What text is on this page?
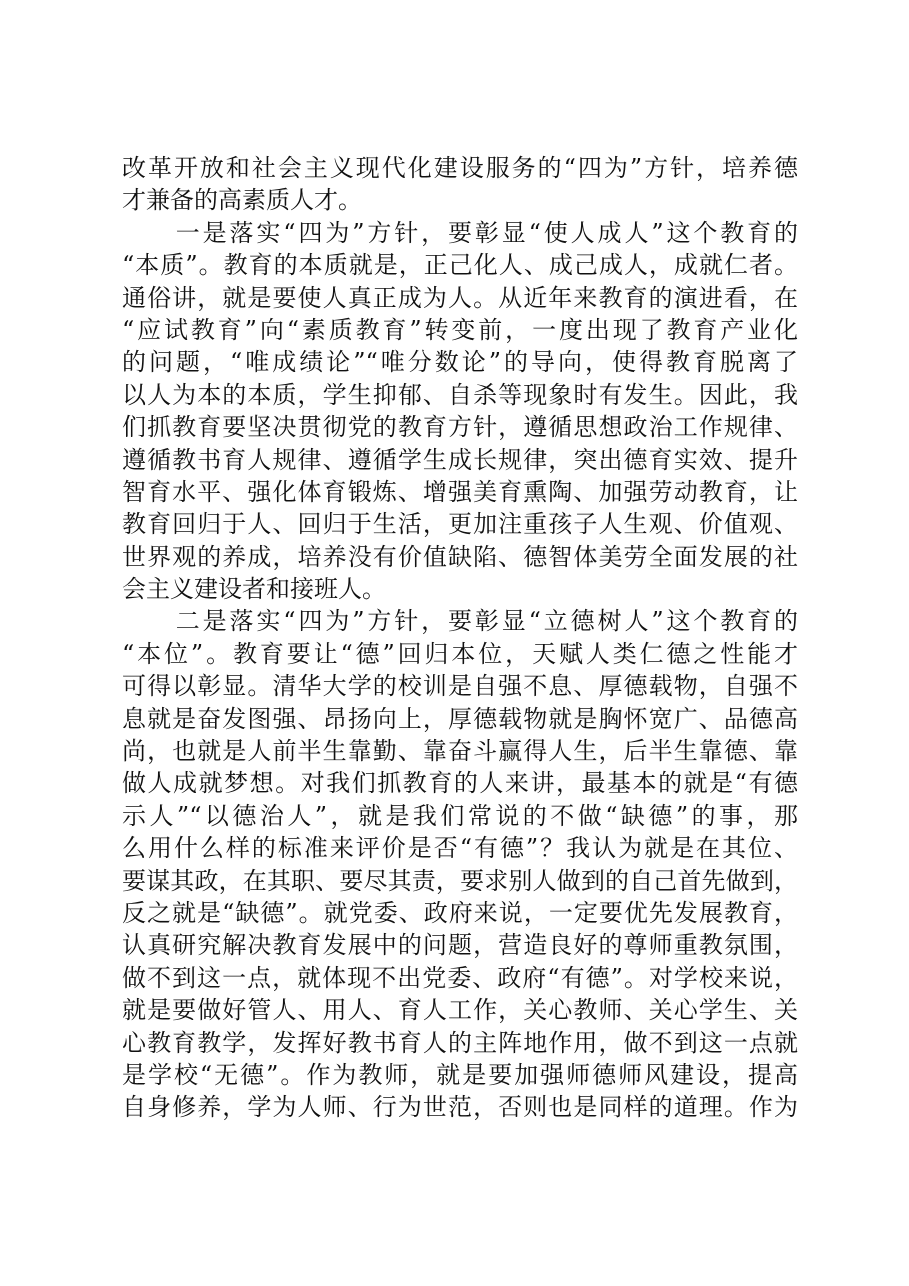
改革开放和社会主义现代化建设服务的“四为”方针，培养德
才兼备的高素质人才。
　　一是落实“四为”方针，要彰显“使人成人”这个教育的
“本质”。教育的本质就是，正己化人、成己成人，成就仁者。
通俗讲，就是要使人真正成为人。从近年来教育的演进看，在
“应试教育”向“素质教育”转变前，一度出现了教育产业化
的问题，“唯成绩论”“唯分数论”的导向，使得教育脱离了
以人为本的本质，学生抑郁、自杀等现象时有发生。因此，我
们抓教育要坚决贯彻党的教育方针，遵循思想政治工作规律、
遵循教书育人规律、遵循学生成长规律，突出德育实效、提升
智育水平、强化体育锻炼、增强美育熏陶、加强劳动教育，让
教育回归于人、回归于生活，更加注重孩子人生观、价值观、
世界观的养成，培养没有价值缺陷、德智体美劳全面发展的社
会主义建设者和接班人。
　　二是落实“四为”方针，要彰显“立德树人”这个教育的
“本位”。教育要让“德”回归本位，天赋人类仁德之性能才
可得以彰显。清华大学的校训是自强不息、厚德载物，自强不
息就是奋发图强、昂扬向上，厚德载物就是胸怀宽广、品德高
尚，也就是人前半生靠勤、靠奋斗赢得人生，后半生靠德、靠
做人成就梦想。对我们抓教育的人来讲，最基本的就是“有德
示人”“以德治人”，就是我们常说的不做“缺德”的事，那
么用什么样的标准来评价是否“有德”？我认为就是在其位、
要谋其政，在其职、要尽其责，要求别人做到的自己首先做到，
反之就是“缺德”。就党委、政府来说，一定要优先发展教育，
认真研究解决教育发展中的问题，营造良好的尊师重教氛围，
做不到这一点，就体现不出党委、政府“有德”。对学校来说，
就是要做好管人、用人、育人工作，关心教师、关心学生、关
心教育教学，发挥好教书育人的主阵地作用，做不到这一点就
是学校“无德”。作为教师，就是要加强师德师风建设，提高
自身修养，学为人师、行为世范，否则也是同样的道理。作为
